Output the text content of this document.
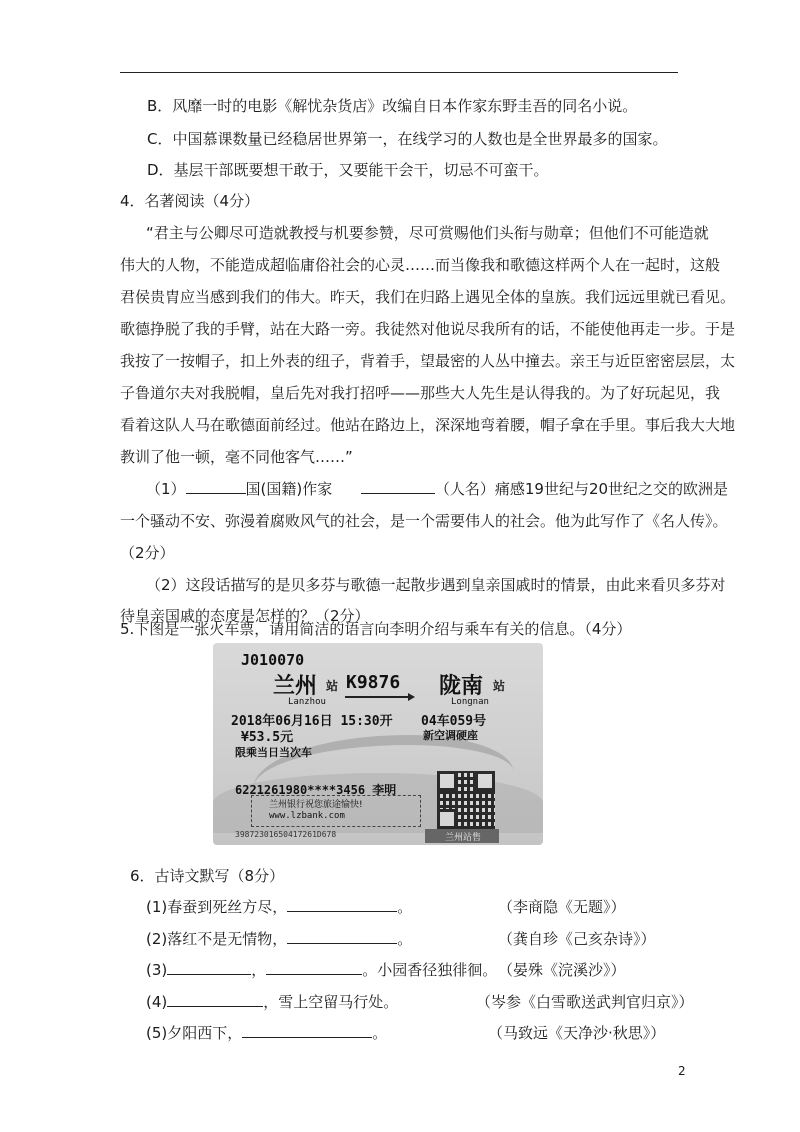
B．风靡一时的电影《解忧杂货店》改编自日本作家东野圭吾的同名小说。
C．中国慕课数量已经稳居世界第一，在线学习的人数也是全世界最多的国家。
D．基层干部既要想干敢于，又要能干会干，切忌不可蛮干。
4．名著阅读（4分）
“君主与公卿尽可造就教授与机要参赞，尽可赏赐他们头衔与勋章；但他们不可能造就
伟大的人物，不能造成超临庸俗社会的心灵……而当像我和歌德这样两个人在一起时，这般
君侯贵胄应当感到我们的伟大。昨天，我们在归路上遇见全体的皇族。我们远远里就已看见。
歌德挣脱了我的手臂，站在大路一旁。我徒然对他说尽我所有的话，不能使他再走一步。于是
我按了一按帽子，扣上外表的纽子，背着手，望最密的人丛中撞去。亲王与近臣密密层层，太
子鲁道尔夫对我脱帽，皇后先对我打招呼——那些大人先生是认得我的。为了好玩起见，我
看着这队人马在歌德面前经过。他站在路边上，深深地弯着腰，帽子拿在手里。事后我大大地
教训了他一顿，毫不同他客气……”
（1）	国(国籍)作家	（人名）痛感19世纪与20世纪之交的欧洲是
一个骚动不安、弥漫着腐败风气的社会，是一个需要伟人的社会。他为此写作了《名人传》。
（2分）
（2）这段话描写的是贝多芬与歌德一起散步遇到皇亲国戚时的情景，由此来看贝多芬对
待皇亲国戚的态度是怎样的？（2分）
5.下图是一张火车票，请用简洁的语言向李明介绍与乘车有关的信息。（4分）
J010070
兰州 站 K9876 陇南 站
Lanzhou	Longnan
2018年06月16日 15:30开 04车059号
¥53.5元	新空调硬座
限乘当日当次车
6221261980****3456 李明
兰州银行祝您旅途愉快!
www.lzbank.com
39872301650417261D678	兰州站售
6．古诗文默写（8分）
(1)春蚕到死丝方尽，	。	（李商隐《无题》）
(2)落红不是无情物，	。	（龚自珍《己亥杂诗》）
(3)	，	。小园香径独徘徊。 （晏殊《浣溪沙》）
(4)	，雪上空留马行处。	（岑参《白雪歌送武判官归京》）
(5)夕阳西下，	。	（马致远《天净沙·秋思》）
2
